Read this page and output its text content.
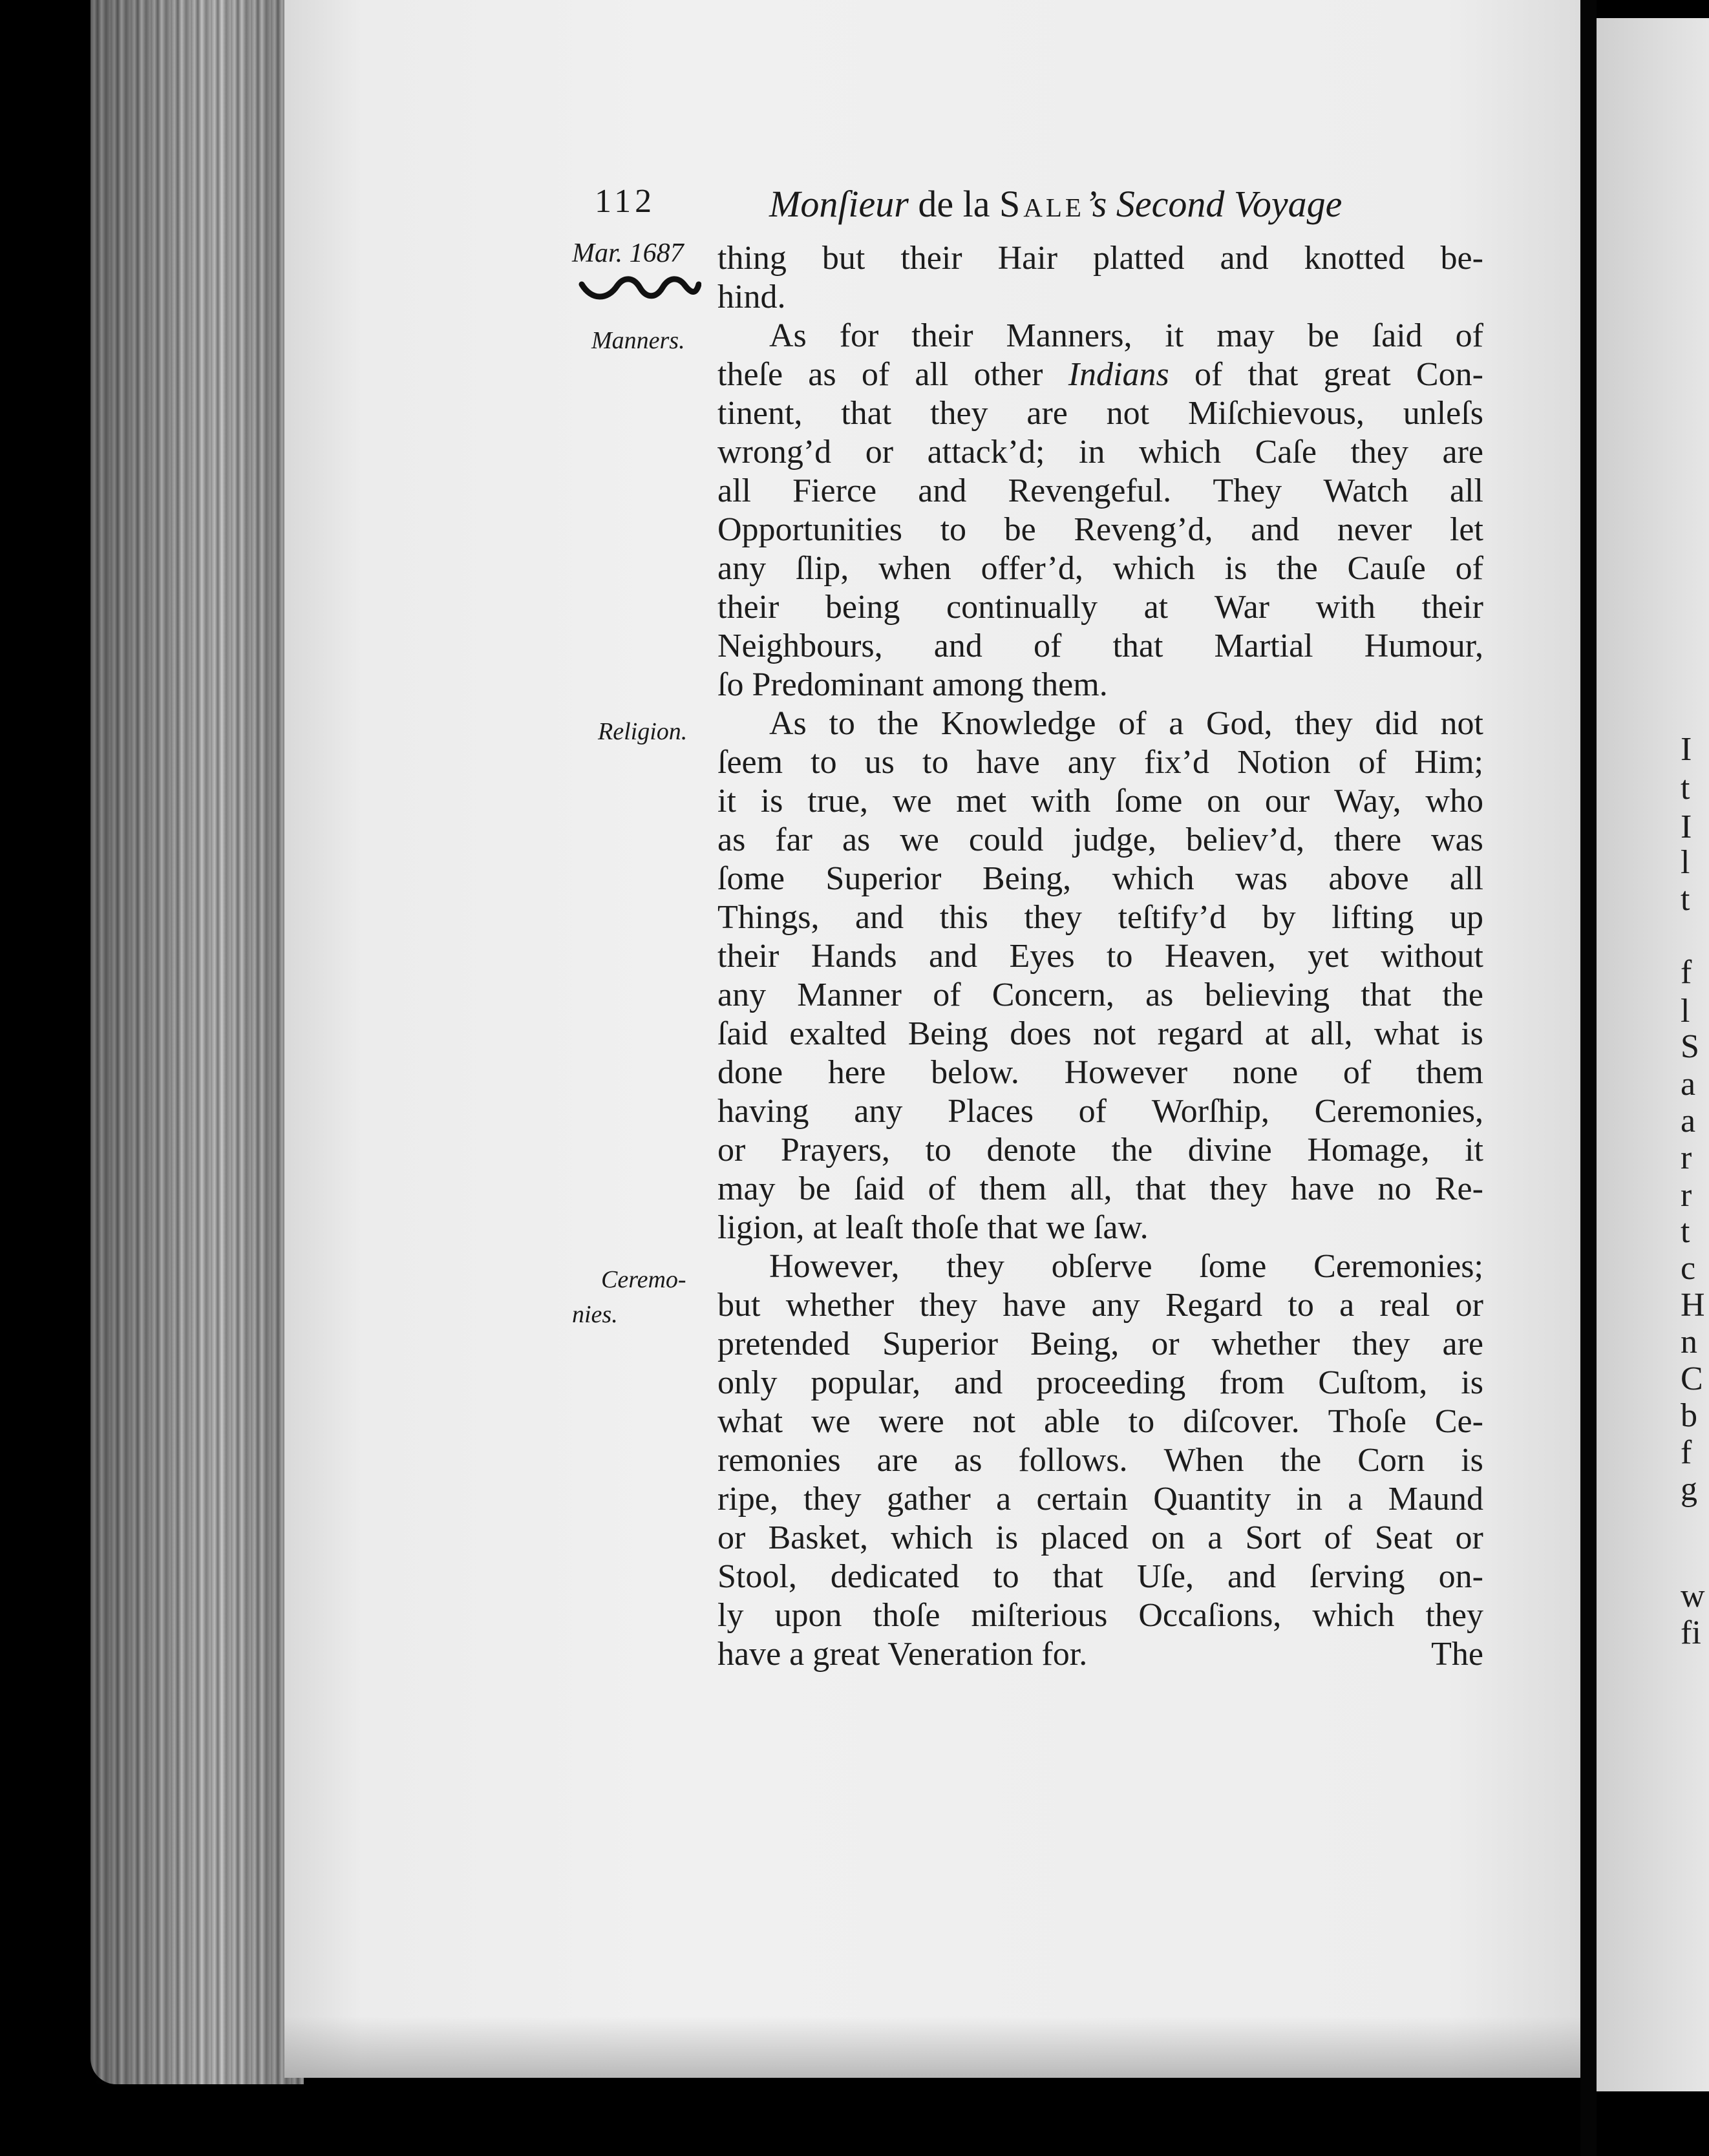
112	Monſieur de la Sale’s Second Voyage
Mar. 1687
Manners.
Religion.
Ceremo-
nies.
thing but their Hair platted and knotted be-
hind.
As for their Manners, it may be ſaid of
theſe as of all other Indians of that great Con-
tinent, that they are not Miſchievous, unleſs
wrong’d or attack’d; in which Caſe they are
all Fierce and Revengeful. They Watch all
Opportunities to be Reveng’d, and never let
any ſlip, when offer’d, which is the Cauſe of
their being continually at War with their
Neighbours, and of that Martial Humour,
ſo Predominant among them.
As to the Knowledge of a God, they did not
ſeem to us to have any fix’d Notion of Him;
it is true, we met with ſome on our Way, who
as far as we could judge, believ’d, there was
ſome Superior Being, which was above all
Things, and this they teſtify’d by lifting up
their Hands and Eyes to Heaven, yet without
any Manner of Concern, as believing that the
ſaid exalted Being does not regard at all, what is
done here below. However none of them
having any Places of Worſhip, Ceremonies,
or Prayers, to denote the divine Homage, it
may be ſaid of them all, that they have no Re-
ligion, at leaſt thoſe that we ſaw.
However, they obſerve ſome Ceremonies;
but whether they have any Regard to a real or
pretended Superior Being, or whether they are
only popular, and proceeding from Cuſtom, is
what we were not able to diſcover. Thoſe Ce-
remonies are as follows. When the Corn is
ripe, they gather a certain Quantity in a Maund
or Basket, which is placed on a Sort of Seat or
Stool, dedicated to that Uſe, and ſerving on-
ly upon thoſe miſterious Occaſions, which they
have a great Veneration for.	The
I
t
I
l
t
f
l
S
a
a
r
r
t
c
H
n
C
b
f
g
w
fi
